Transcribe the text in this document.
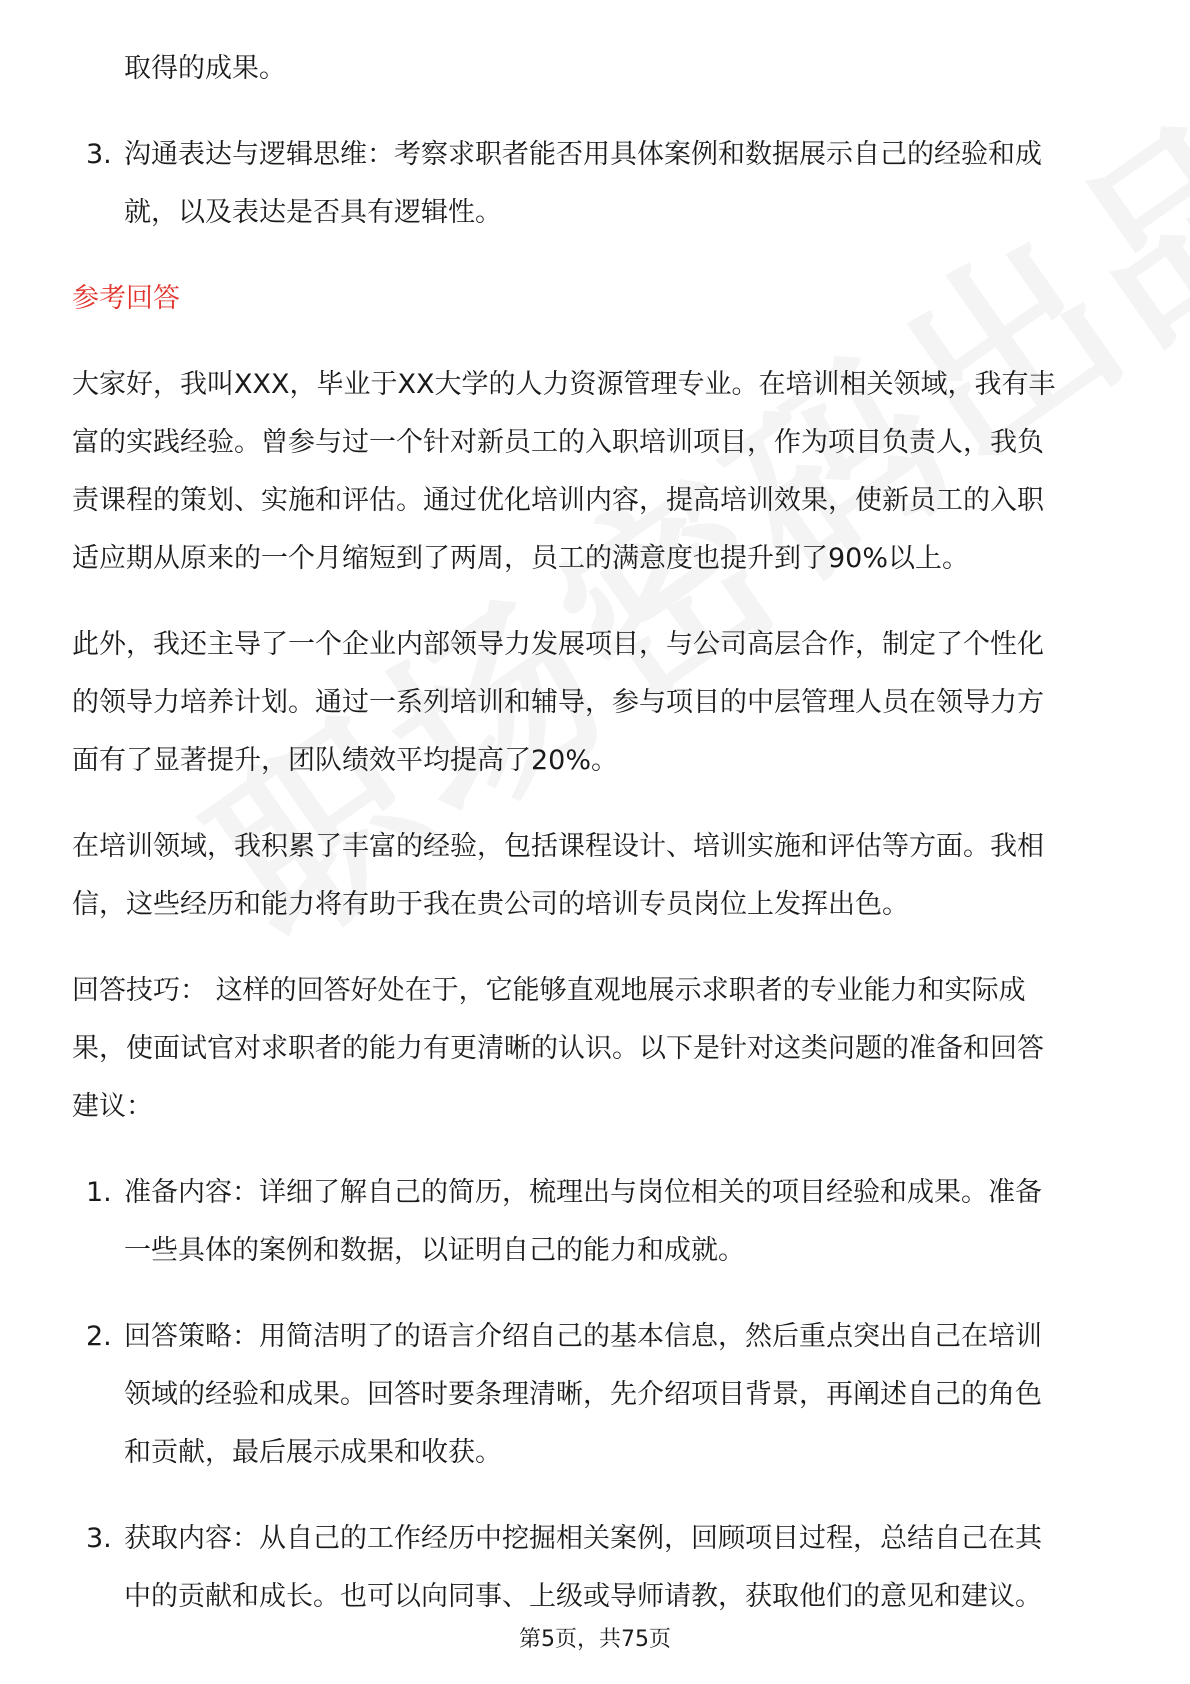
取得的成果。
3. 沟通表达与逻辑思维：考察求职者能否用具体案例和数据展示自己的经验和成
就，以及表达是否具有逻辑性。
参考回答
大家好，我叫XXX，毕业于XX大学的人力资源管理专业。在培训相关领域，我有丰
富的实践经验。曾参与过一个针对新员工的入职培训项目，作为项目负责人，我负
责课程的策划、实施和评估。通过优化培训内容，提高培训效果，使新员工的入职
适应期从原来的一个月缩短到了两周，员工的满意度也提升到了90%以上。
此外，我还主导了一个企业内部领导力发展项目，与公司高层合作，制定了个性化
的领导力培养计划。通过一系列培训和辅导，参与项目的中层管理人员在领导力方
面有了显著提升，团队绩效平均提高了20%。
在培训领域，我积累了丰富的经验，包括课程设计、培训实施和评估等方面。我相
信，这些经历和能力将有助于我在贵公司的培训专员岗位上发挥出色。
回答技巧： 这样的回答好处在于，它能够直观地展示求职者的专业能力和实际成
果，使面试官对求职者的能力有更清晰的认识。以下是针对这类问题的准备和回答
建议：
1. 准备内容：详细了解自己的简历，梳理出与岗位相关的项目经验和成果。准备
一些具体的案例和数据，以证明自己的能力和成就。
2. 回答策略：用简洁明了的语言介绍自己的基本信息，然后重点突出自己在培训
领域的经验和成果。回答时要条理清晰，先介绍项目背景，再阐述自己的角色
和贡献，最后展示成果和收获。
3. 获取内容：从自己的工作经历中挖掘相关案例，回顾项目过程，总结自己在其
中的贡献和成长。也可以向同事、上级或导师请教，获取他们的意见和建议。
第5页，共75页
